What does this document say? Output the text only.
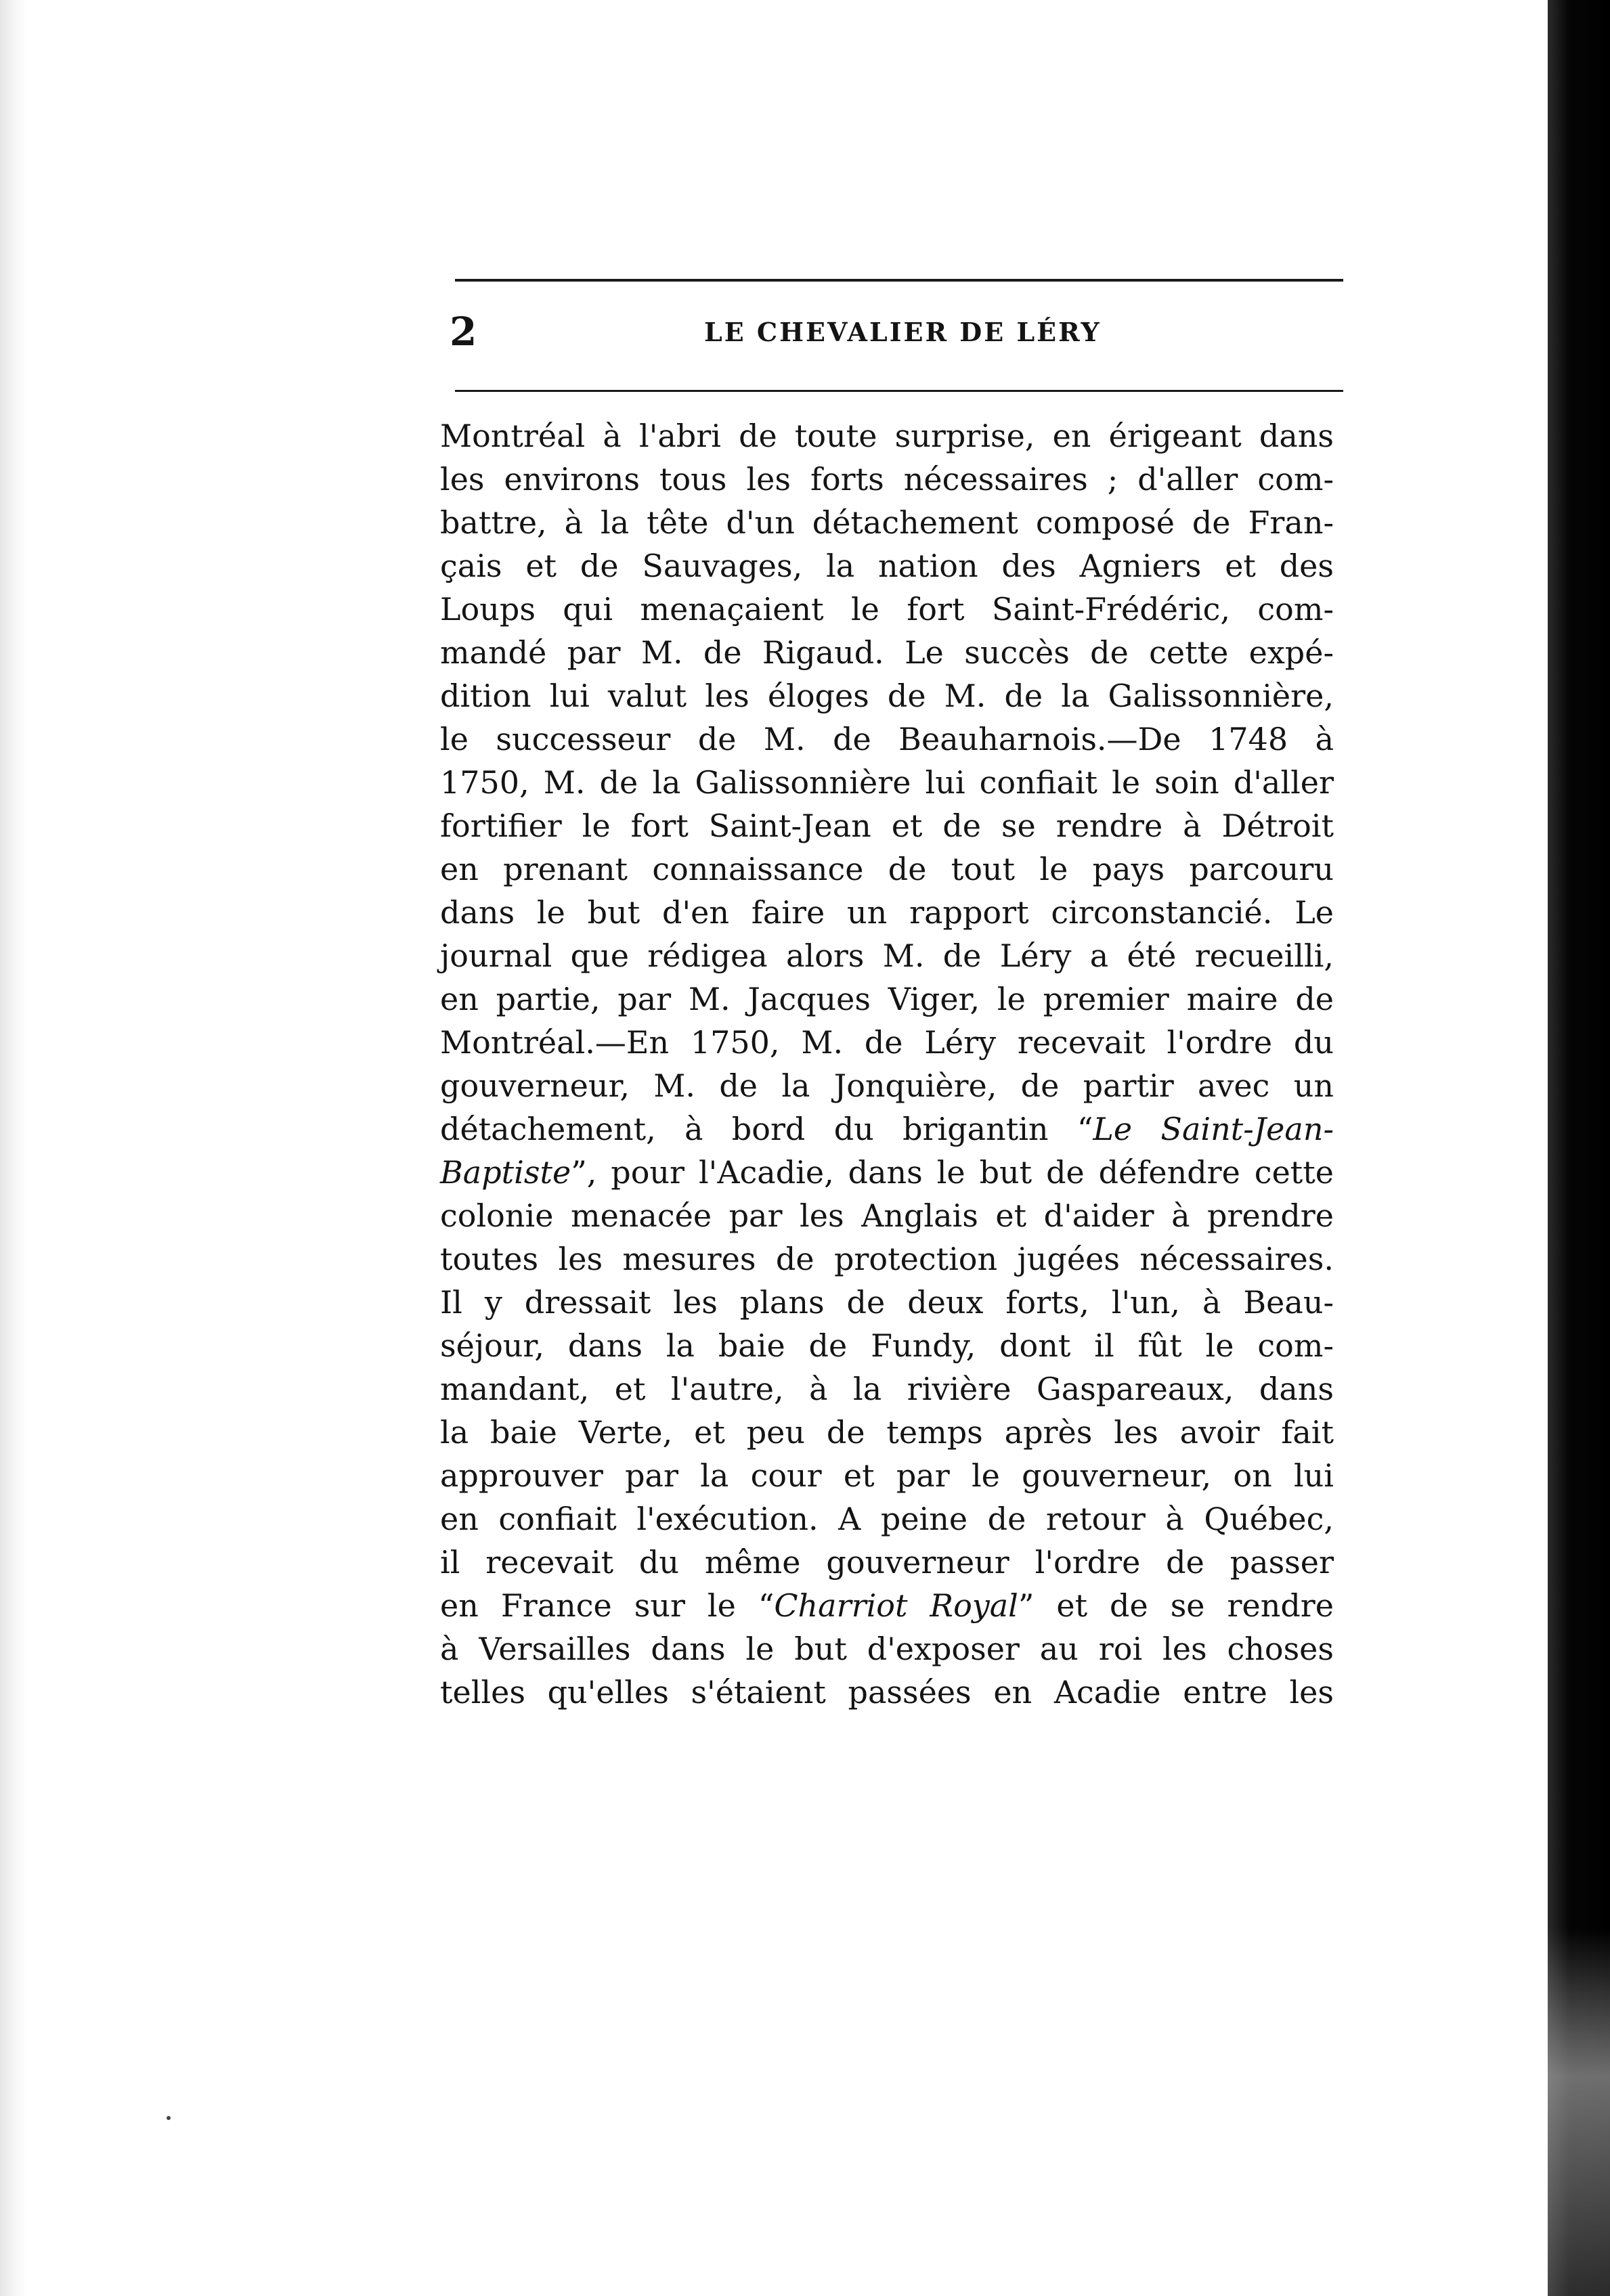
2	LE CHEVALIER DE LÉRY
Montréal à l'abri de toute surprise, en érigeant dans
les environs tous les forts nécessaires ; d'aller com-
battre, à la tête d'un détachement composé de Fran-
çais et de Sauvages, la nation des Agniers et des
Loups qui menaçaient le fort Saint-Frédéric, com-
mandé par M. de Rigaud. Le succès de cette expé-
dition lui valut les éloges de M. de la Galissonnière,
le successeur de M. de Beauharnois.—De 1748 à
1750, M. de la Galissonnière lui confiait le soin d'aller
fortifier le fort Saint-Jean et de se rendre à Détroit
en prenant connaissance de tout le pays parcouru
dans le but d'en faire un rapport circonstancié. Le
journal que rédigea alors M. de Léry a été recueilli,
en partie, par M. Jacques Viger, le premier maire de
Montréal.—En 1750, M. de Léry recevait l'ordre du
gouverneur, M. de la Jonquière, de partir avec un
détachement, à bord du brigantin “Le Saint-Jean-
Baptiste”, pour l'Acadie, dans le but de défendre cette
colonie menacée par les Anglais et d'aider à prendre
toutes les mesures de protection jugées nécessaires.
Il y dressait les plans de deux forts, l'un, à Beau-
séjour, dans la baie de Fundy, dont il fût le com-
mandant, et l'autre, à la rivière Gaspareaux, dans
la baie Verte, et peu de temps après les avoir fait
approuver par la cour et par le gouverneur, on lui
en confiait l'exécution. A peine de retour à Québec,
il recevait du même gouverneur l'ordre de passer
en France sur le “Charriot Royal” et de se rendre
à Versailles dans le but d'exposer au roi les choses
telles qu'elles s'étaient passées en Acadie entre les
